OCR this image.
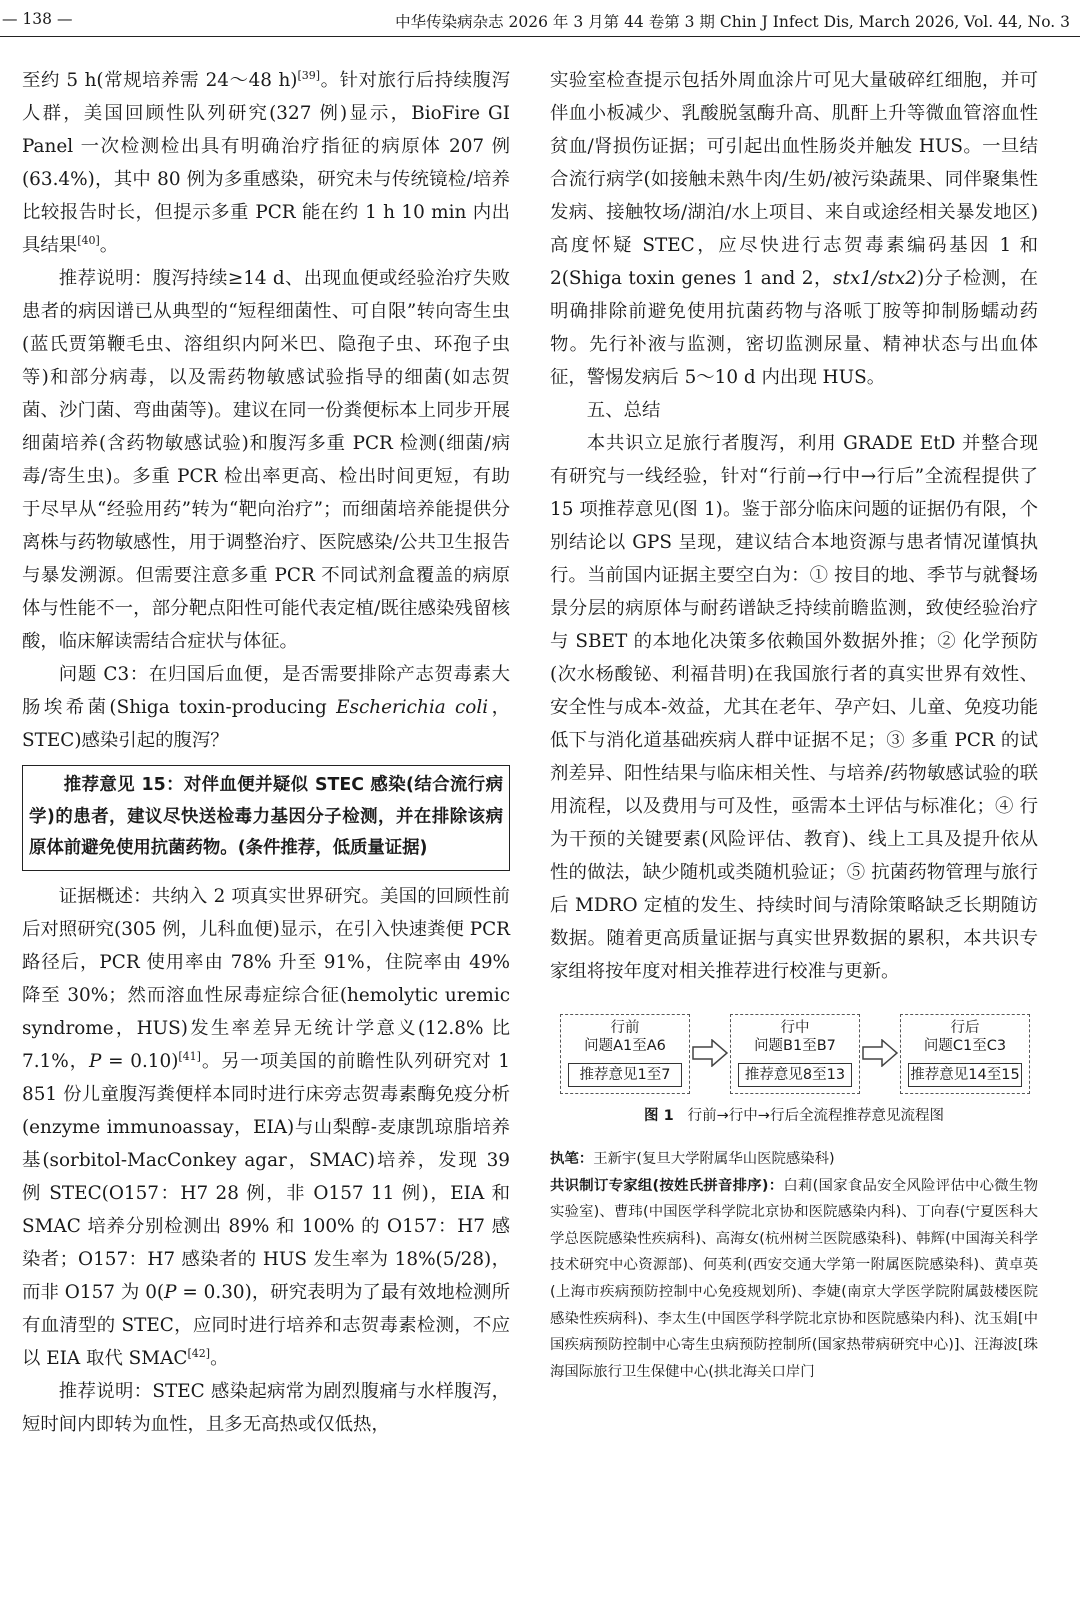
— 138 —	中华传染病杂志 2026 年 3 月第 44 卷第 3 期 Chin J Infect Dis, March 2026, Vol. 44, No. 3

至约 5 h(常规培养需 24～48 h)[39]。针对旅行后持续腹泻人群，美国回顾性队列研究(327 例)显示，BioFire GI Panel 一次检测检出具有明确治疗指征的病原体 207 例(63.4%)，其中 80 例为多重感染，研究未与传统镜检/培养比较报告时长，但提示多重 PCR 能在约 1 h 10 min 内出具结果[40]。

推荐说明：腹泻持续≥14 d、出现血便或经验治疗失败患者的病因谱已从典型的“短程细菌性、可自限”转向寄生虫(蓝氏贾第鞭毛虫、溶组织内阿米巴、隐孢子虫、环孢子虫等)和部分病毒，以及需药物敏感试验指导的细菌(如志贺菌、沙门菌、弯曲菌等)。建议在同一份粪便标本上同步开展细菌培养(含药物敏感试验)和腹泻多重 PCR 检测(细菌/病毒/寄生虫)。多重 PCR 检出率更高、检出时间更短，有助于尽早从“经验用药”转为“靶向治疗”；而细菌培养能提供分离株与药物敏感性，用于调整治疗、医院感染/公共卫生报告与暴发溯源。但需要注意多重 PCR 不同试剂盒覆盖的病原体与性能不一，部分靶点阳性可能代表定植/既往感染残留核酸，临床解读需结合症状与体征。

问题 C3：在归国后血便，是否需要排除产志贺毒素大肠埃希菌(Shiga toxin-producing Escherichia coli，STEC)感染引起的腹泻？

推荐意见 15：对伴血便并疑似 STEC 感染(结合流行病学)的患者，建议尽快送检毒力基因分子检测，并在排除该病原体前避免使用抗菌药物。(条件推荐，低质量证据)

证据概述：共纳入 2 项真实世界研究。美国的回顾性前后对照研究(305 例，儿科血便)显示，在引入快速粪便 PCR 路径后，PCR 使用率由 78% 升至 91%，住院率由 49% 降至 30%；然而溶血性尿毒症综合征(hemolytic uremic syndrome，HUS)发生率差异无统计学意义(12.8% 比 7.1%，P = 0.10)[41]。另一项美国的前瞻性队列研究对 1 851 份儿童腹泻粪便样本同时进行床旁志贺毒素酶免疫分析(enzyme immunoassay，EIA)与山梨醇-麦康凯琼脂培养基(sorbitol-MacConkey agar，SMAC)培养，发现 39 例 STEC(O157：H7 28 例，非 O157 11 例)，EIA 和 SMAC 培养分别检测出 89% 和 100% 的 O157：H7 感染者；O157：H7 感染者的 HUS 发生率为 18%(5/28)，而非 O157 为 0(P = 0.30)，研究表明为了最有效地检测所有血清型的 STEC，应同时进行培养和志贺毒素检测，不应以 EIA 取代 SMAC[42]。

推荐说明：STEC 感染起病常为剧烈腹痛与水样腹泻，短时间内即转为血性，且多无高热或仅低热，

实验室检查提示包括外周血涂片可见大量破碎红细胞，并可伴血小板减少、乳酸脱氢酶升高、肌酐上升等微血管溶血性贫血/肾损伤证据；可引起出血性肠炎并触发 HUS。一旦结合流行病学(如接触未熟牛肉/生奶/被污染蔬果、同伴聚集性发病、接触牧场/湖泊/水上项目、来自或途经相关暴发地区)高度怀疑 STEC，应尽快进行志贺毒素编码基因 1 和 2(Shiga toxin genes 1 and 2，stx1/stx2)分子检测，在明确排除前避免使用抗菌药物与洛哌丁胺等抑制肠蠕动药物。先行补液与监测，密切监测尿量、精神状态与出血体征，警惕发病后 5～10 d 内出现 HUS。

五、总结

本共识立足旅行者腹泻，利用 GRADE EtD 并整合现有研究与一线经验，针对“行前→行中→行后”全流程提供了 15 项推荐意见(图 1)。鉴于部分临床问题的证据仍有限，个别结论以 GPS 呈现，建议结合本地资源与患者情况谨慎执行。当前国内证据主要空白为：① 按目的地、季节与就餐场景分层的病原体与耐药谱缺乏持续前瞻监测，致使经验治疗与 SBET 的本地化决策多依赖国外数据外推；② 化学预防(次水杨酸铋、利福昔明)在我国旅行者的真实世界有效性、安全性与成本-效益，尤其在老年、孕产妇、儿童、免疫功能低下与消化道基础疾病人群中证据不足；③ 多重 PCR 的试剂差异、阳性结果与临床相关性、与培养/药物敏感试验的联用流程，以及费用与可及性，亟需本土评估与标准化；④ 行为干预的关键要素(风险评估、教育)、线上工具及提升依从性的做法，缺少随机或类随机验证；⑤ 抗菌药物管理与旅行后 MDRO 定植的发生、持续时间与清除策略缺乏长期随访数据。随着更高质量证据与真实世界数据的累积，本共识专家组将按年度对相关推荐进行校准与更新。

行前
问题A1至A6
推荐意见1至7
行中
问题B1至B7
推荐意见8至13
行后
问题C1至C3
推荐意见14至15
图 1 行前→行中→行后全流程推荐意见流程图

执笔：王新宇(复旦大学附属华山医院感染科)

共识制订专家组(按姓氏拼音排序)：白莉(国家食品安全风险评估中心微生物实验室)、曹玮(中国医学科学院北京协和医院感染内科)、丁向春(宁夏医科大学总医院感染性疾病科)、高海女(杭州树兰医院感染科)、韩辉(中国海关科学技术研究中心资源部)、何英利(西安交通大学第一附属医院感染科)、黄卓英(上海市疾病预防控制中心免疫规划所)、李婕(南京大学医学院附属鼓楼医院感染性疾病科)、李太生(中国医学科学院北京协和医院感染内科)、沈玉娟[中国疾病预防控制中心寄生虫病预防控制所(国家热带病研究中心)]、汪海波[珠海国际旅行卫生保健中心(拱北海关口岸门
